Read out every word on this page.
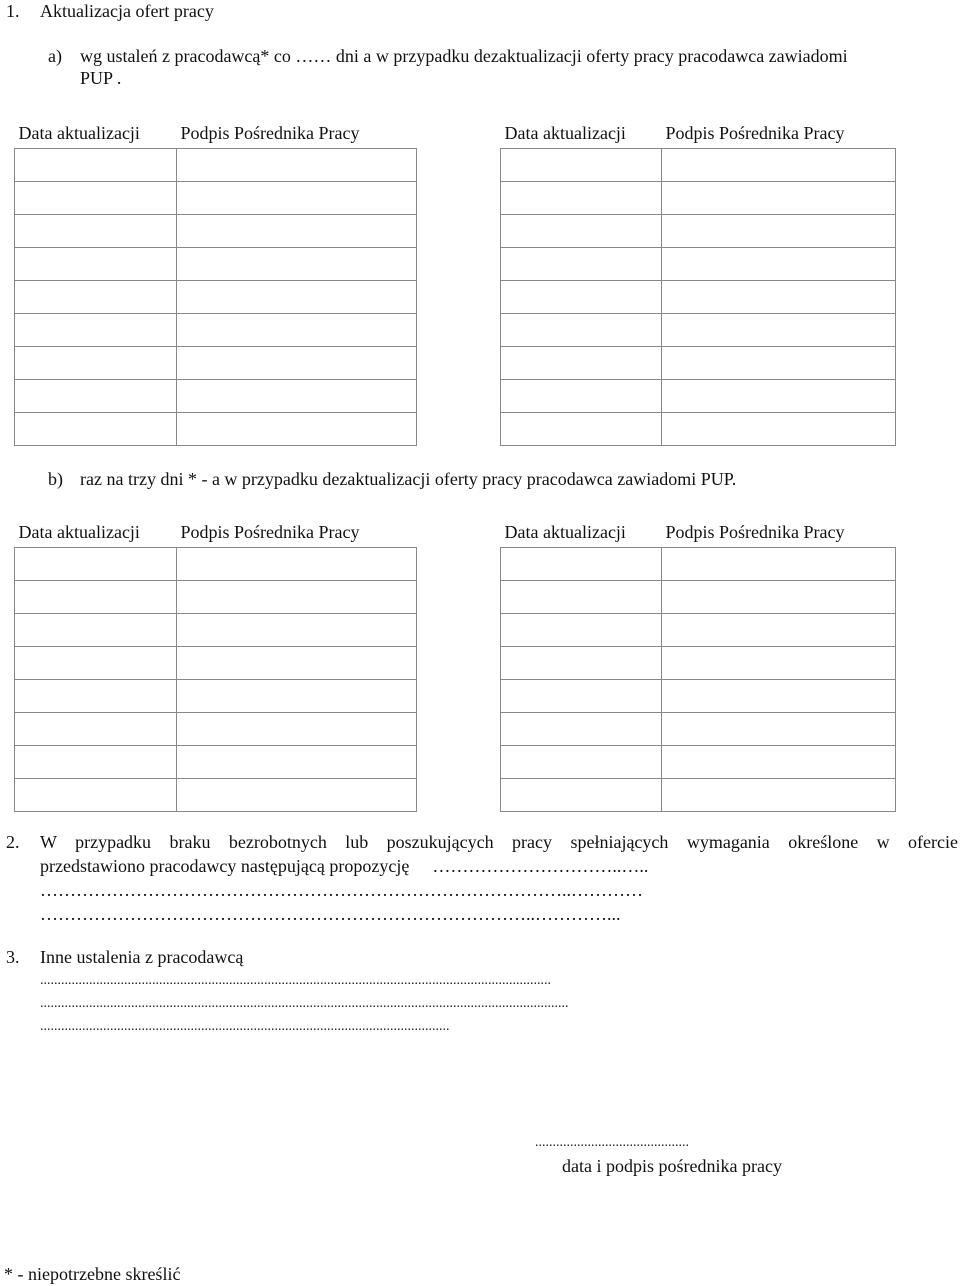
1. Aktualizacja ofert pracy
a) wg ustaleń z pracodawcą* co …… dni a w przypadku dezaktualizacji oferty pracy pracodawca zawiadomi
PUP .
Data aktualizacji	Podpis Pośrednika Pracy		Data aktualizacji	Podpis Pośrednika Pracy

b) raz na trzy dni * - a w przypadku dezaktualizacji oferty pracy pracodawca zawiadomi PUP.
Data aktualizacji	Podpis Pośrednika Pracy		Data aktualizacji	Podpis Pośrednika Pracy

2. W przypadku braku bezrobotnych lub poszukujących pracy spełniających wymagania określone w ofercie
przedstawiono pracodawcy następującą propozycję …………………………..…..
……………………………………………………………………………..…………
………………………………………………………………………..…………...
3. Inne ustalenia z pracodawcą
..................................................................................................................................................
.......................................................................................................................................................
.....................................................................................................................
............................................
data i podpis pośrednika pracy
* - niepotrzebne skreślić
